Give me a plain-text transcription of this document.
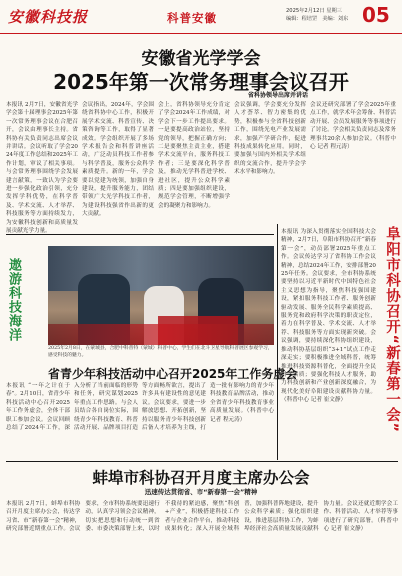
安徽科技报	科普安徽	2025年2月12日 星期三
编辑：程培罡　美编：刘东 05
安徽省光学学会
2025年第一次常务理事会议召开
省科协领导出席并讲话
本报讯 2月7日，安徽省光学学会第十届理事会2025年第一次常务理事会议在合肥召开，会议由理事长主持。省科协有关负责同志出席会议并讲话。会议听取了学会2024年度工作总结和2025年工作计划，审议了相关事项。与会常务理事围绕学会发展建言献策，一致认为学会要进一步强化政治引领，充分发挥学科优势，在科学普及、学术交流、人才举荐、科技服务等方面持续发力，为安徽科技创新和高质量发展贡献光学力量。
会议指出，2024年，学会围绕省科协中心工作，积极开展学术交流、科普宣传、决策咨询等工作，取得了显著成效。学会组织开展了多场学术报告会和科普讲座活动，广泛动员科技工作者参与科学普及，服务公众科学素质提升。新的一年，学会要以党建为统领，加强自身建设，提升服务能力，团结带领广大光学科技工作者，为建设科技强省作出新的更大贡献。
会上，省科协领导充分肯定了学会2024年工作成绩，对学会下一步工作提出要求。一是要提高政治站位，坚持党的领导，把握正确方向；二是要聚焦主责主业，搭建学术交流平台，服务科技工作者；三是要深化科学普及，推动光学科普进学校、进社区，提升公众科学素质；四是要加强组织建设，规范学会管理，不断增强学会的凝聚力和影响力。
会议强调，学会要充分发挥人才荟萃、智力密集的优势，积极参与全省科技创新工作，围绕光电产业发展需求，加强产学研合作，促进科技成果转化应用。同时，要加强与国内外相关学术组织的交流合作，提升学会学术水平和影响力。
会议还研究部署了学会2025年重点工作，就学术年会筹备、科普活动开展、会员发展服务等事项进行了讨论。学会相关负责同志及常务理事共20余人参加会议。（科普中心 记者 程元涛）
遨游科技海洋
2025年2月8日，在蒙城县，合肥中科普特（蒙城）科普中心，学生们在北斗卫星导航科普展区参观学习，感受科技的魅力。	阜阳市科协召开“新春第一会”
本报讯 为深入贯彻落实全国科技大会精神，2月7日，阜阳市科协召开“新春第一会”，动员部署2025年重点工作。会议传达学习了省科协工作会议精神，总结2024年工作，安排部署2025年任务。会议要求，全市科协系统要坚持以习近平新时代中国特色社会主义思想为指导，聚焦科技强国建设，紧扣服务科技工作者、服务创新驱动发展、服务全民科学素质提高、服务党和政府科学决策的职责定位，着力在科学普及、学术交流、人才举荐、科技服务等方面实现新突破。会议强调，要持续深化科协组织建设，推动科协基层组织“3+1”试点工作走深走实；要积极推进全域科普，统筹推进科技资源科普化，全面提升全民科学素质；要强化科技人才服务，助力科技创新和产业创新深度融合，为现代化美好阜阳建设贡献科协力量。（科普中心 记者 崔文静）
省青少年科技活动中心召开2025年工作务虚会
本报讯 “一年之计在于春”。2月10日，省青少年科技活动中心召开2025年工作务虚会，全体干部职工参加会议。会议回顾总结了2024年工作，深入分析了当前面临的形势和任务，研究谋划2025年重点工作思路。与会人员结合各自岗位实际，围绕青少年科技教育、科普活动开展、品牌项目打造等方面畅所欲言，提出了许多具有建设性的意见建议。会议要求，要进一步解放思想、开拓创新，坚持以服务青少年科技创新后备人才培养为主线，打造一批有影响力的青少年科技教育品牌活动，推动全省青少年科技教育事业高质量发展。（科普中心 记者 程元涛）
蚌埠市科协召开月度主席办公会
迅速传达贯彻省、市“新春第一会”精神
本报讯 2月7日，蚌埠市科协召开月度主席办公会，传达学习省、市“新春第一会”精神，研究部署近期重点工作。会议要求，全市科协系统要迅速行动，认真学习领会会议精神，切实把思想和行动统一到省委、市委决策部署上来，以时不我待的紧迫感，聚焦“科创+产业”，积极搭建科技工作者与企业合作平台，推动科技成果转化；深入开展全域科普，加强科普阵地建设，提升公众科学素质；强化组织建设，推进基层科协工作，为蚌埠经济社会高质量发展贡献科协力量。会议还就近期学会工作、科普活动、人才举荐等事项进行了研究部署。（科普中心 记者 崔文静）
